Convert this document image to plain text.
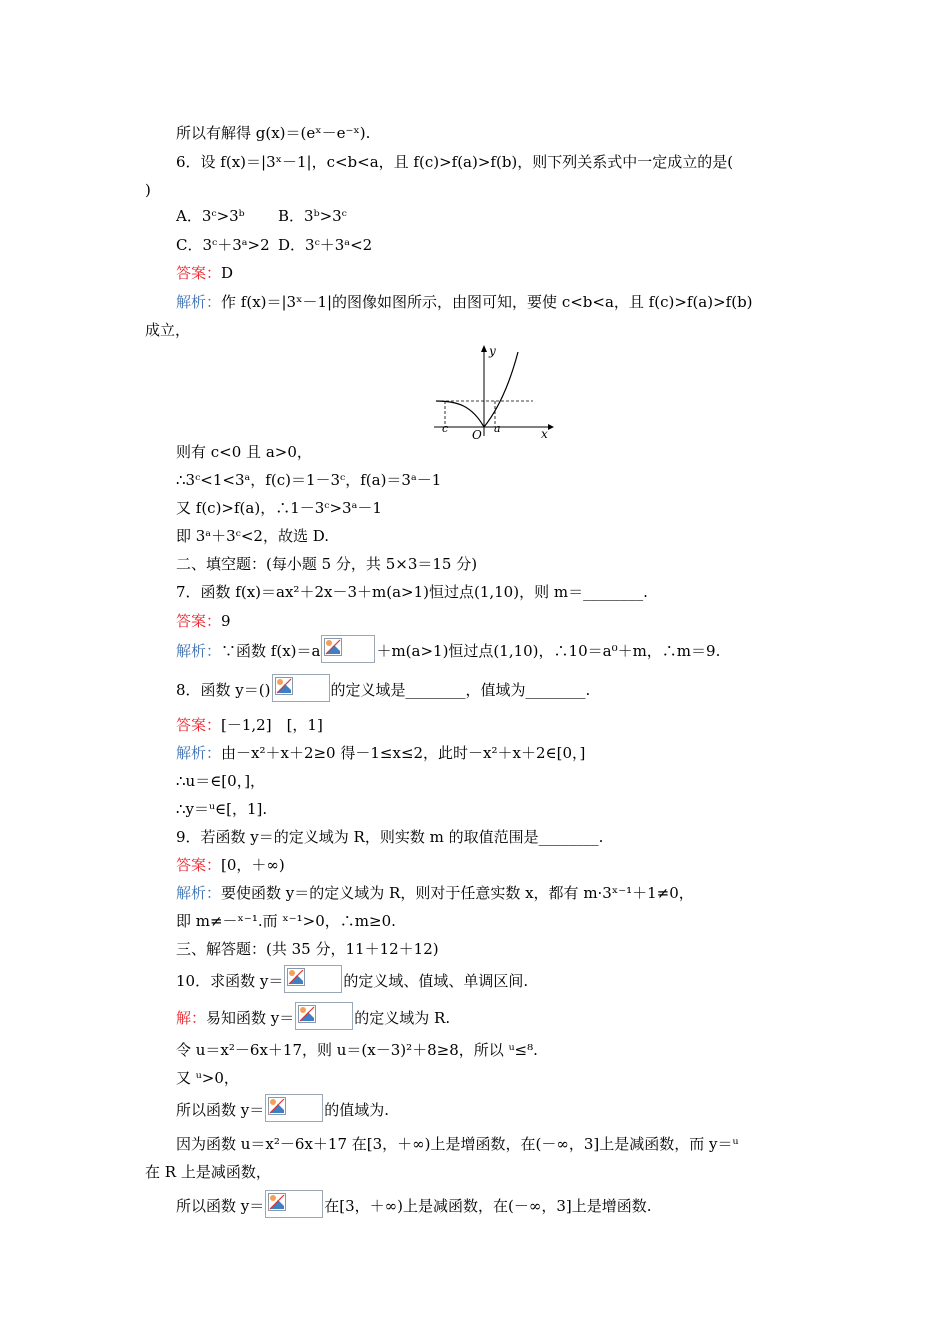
所以有解得 g(x)＝(eˣ－e⁻ˣ).
6．设 f(x)＝|3ˣ－1|，c<b<a，且 f(c)>f(a)>f(b)，则下列关系式中一定成立的是(
)
A．3ᶜ>3ᵇ B．3ᵇ>3ᶜ
C．3ᶜ＋3ᵃ>2 D．3ᶜ＋3ᵃ<2
答案：D
解析：作 f(x)＝|3ˣ－1|的图像如图所示，由图可知，要使 c<b<a，且 f(c)>f(a)>f(b)
成立，
y
x
O
c	a
则有 c<0 且 a>0，
∴3ᶜ<1<3ᵃ，f(c)＝1－3ᶜ，f(a)＝3ᵃ－1
又 f(c)>f(a)，∴1－3ᶜ>3ᵃ－1
即 3ᵃ＋3ᶜ<2，故选 D.
二、填空题：(每小题 5 分，共 5×3＝15 分)
7．函数 f(x)＝ax²＋2x－3＋m(a>1)恒过点(1,10)，则 m＝________.
答案：9
解析：∵函数 f(x)＝a	＋m(a>1)恒过点(1,10)，∴10＝a⁰＋m，∴m＝9.
8．函数 y＝()	的定义域是________，值域为________.
答案：[－1,2]　[，1]
解析：由－x²＋x＋2≥0 得－1≤x≤2，此时－x²＋x＋2∈[0，]
∴u＝∈[0，]，
∴y＝ᵘ∈[，1].
9．若函数 y＝的定义域为 R，则实数 m 的取值范围是________.
答案：[0，＋∞)
解析：要使函数 y＝的定义域为 R，则对于任意实数 x，都有 m·3ˣ⁻¹＋1≠0，
即 m≠－ˣ⁻¹.而 ˣ⁻¹>0，∴m≥0.
三、解答题：(共 35 分，11＋12＋12)
10．求函数 y＝	的定义域、值域、单调区间.
解：易知函数 y＝	的定义域为 R.
令 u＝x²－6x＋17，则 u＝(x－3)²＋8≥8，所以 ᵘ≤⁸.
又 ᵘ>0，
所以函数 y＝	的值域为.
因为函数 u＝x²－6x＋17 在[3，＋∞)上是增函数，在(－∞，3]上是减函数，而 y＝ᵘ
在 R 上是减函数，
所以函数 y＝	在[3，＋∞)上是减函数，在(－∞，3]上是增函数.
